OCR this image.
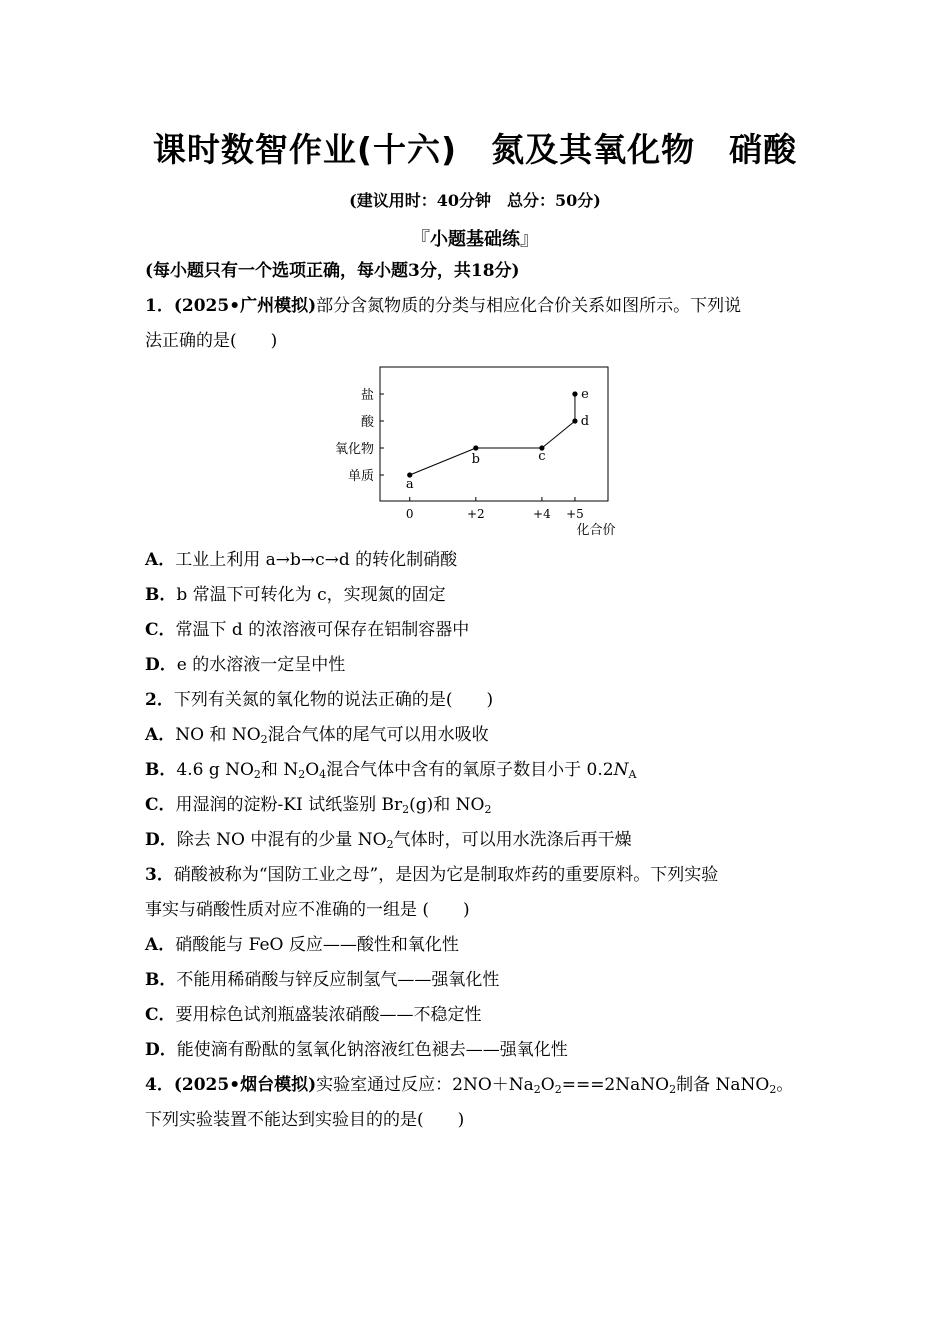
课时数智作业(十六)　氮及其氧化物　硝酸
(建议用时：40分钟　总分：50分)
『小题基础练』
(每小题只有一个选项正确，每小题3分，共18分)
1．(2025•广州模拟)部分含氮物质的分类与相应化合价关系如图所示。下列说
法正确的是(　　)
单质
氧化物
酸
盐
0	+2	+4 +5
化合价
a
b	c
d
e
A．工业上利用 a→b→c→d 的转化制硝酸
B．b 常温下可转化为 c，实现氮的固定
C．常温下 d 的浓溶液可保存在铝制容器中
D．e 的水溶液一定呈中性
2．下列有关氮的氧化物的说法正确的是(　　)
A．NO 和 $NO_2$混合气体的尾气可以用水吸收
B．4.6 g $NO_2$和 $N_2O_4$混合气体中含有的氧原子数目小于 $0.2N_A$
C．用湿润的淀粉-KI 试纸鉴别 $Br_2(g)$和 $NO_2$
D．除去 NO 中混有的少量 $NO_2$气体时，可以用水洗涤后再干燥
3．硝酸被称为“国防工业之母”，是因为它是制取炸药的重要原料。下列实验
事实与硝酸性质对应不准确的一组是 (　　)
A．硝酸能与 FeO 反应——酸性和氧化性
B．不能用稀硝酸与锌反应制氢气——强氧化性
C．要用棕色试剂瓶盛装浓硝酸——不稳定性
D．能使滴有酚酞的氢氧化钠溶液红色褪去——强氧化性
4．(2025•烟台模拟)实验室通过反应：$2NO+Na_2O_2===2NaNO_2$制备 NaNO$_2$。
下列实验装置不能达到实验目的的是(　　)
